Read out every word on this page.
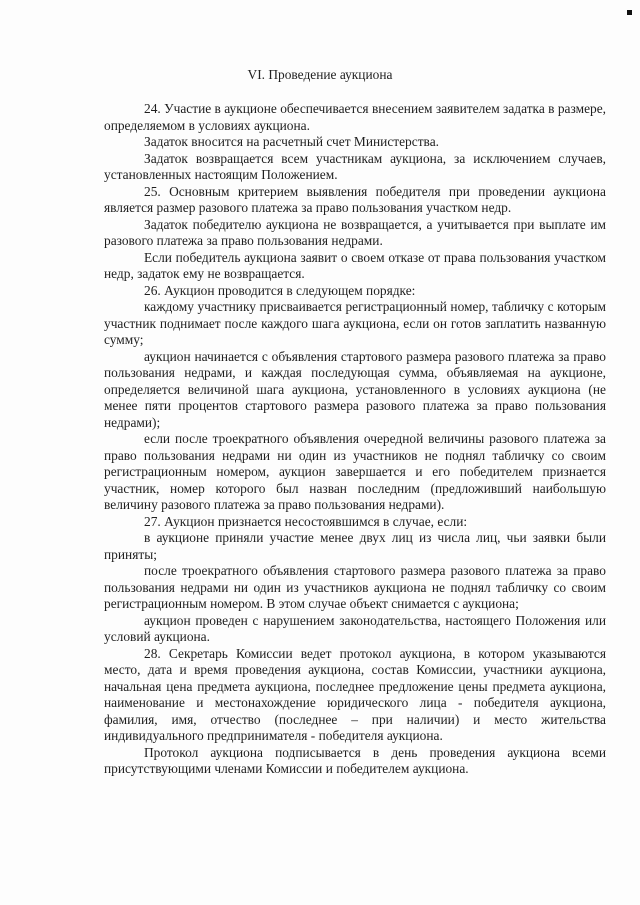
VI. Проведение аукциона

24. Участие в аукционе обеспечивается внесением заявителем задатка в размере, определяемом в условиях аукциона.

Задаток вносится на расчетный счет Министерства.

Задаток возвращается всем участникам аукциона, за исключением случаев, установленных настоящим Положением.

25. Основным критерием выявления победителя при проведении аукциона является размер разового платежа за право пользования участком недр.

Задаток победителю аукциона не возвращается, а учитывается при выплате им разового платежа за право пользования недрами.

Если победитель аукциона заявит о своем отказе от права пользования участком недр, задаток ему не возвращается.

26. Аукцион проводится в следующем порядке:

каждому участнику присваивается регистрационный номер, табличку с которым участник поднимает после каждого шага аукциона, если он готов заплатить названную сумму;

аукцион начинается с объявления стартового размера разового платежа за право пользования недрами, и каждая последующая сумма, объявляемая на аукционе, определяется величиной шага аукциона, установленного в условиях аукциона (не менее пяти процентов стартового размера разового платежа за право пользования недрами);

если после троекратного объявления очередной величины разового платежа за право пользования недрами ни один из участников не поднял табличку со своим регистрационным номером, аукцион завершается и его победителем признается участник, номер которого был назван последним (предложивший наибольшую величину разового платежа за право пользования недрами).

27. Аукцион признается несостоявшимся в случае, если:

в аукционе приняли участие менее двух лиц из числа лиц, чьи заявки были приняты;

после троекратного объявления стартового размера разового платежа за право пользования недрами ни один из участников аукциона не поднял табличку со своим регистрационным номером. В этом случае объект снимается с аукциона;

аукцион проведен с нарушением законодательства, настоящего Положения или условий аукциона.

28. Секретарь Комиссии ведет протокол аукциона, в котором указываются место, дата и время проведения аукциона, состав Комиссии, участники аукциона, начальная цена предмета аукциона, последнее предложение цены предмета аукциона, наименование и местонахождение юридического лица - победителя аукциона, фамилия, имя, отчество (последнее – при наличии) и место жительства индивидуального предпринимателя - победителя аукциона.

Протокол аукциона подписывается в день проведения аукциона всеми присутствующими членами Комиссии и победителем аукциона.
